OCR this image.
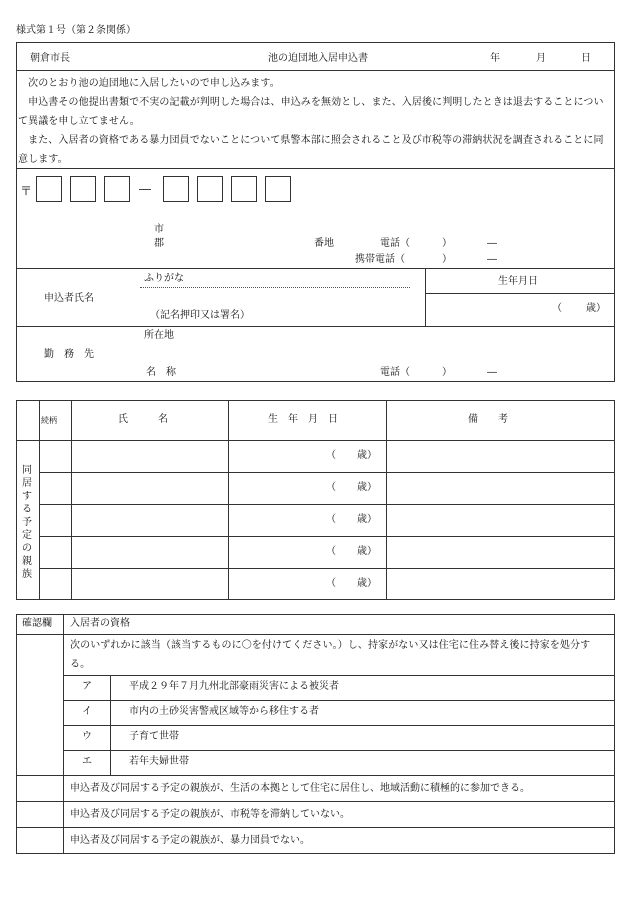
様式第１号（第２条関係）
朝倉市長	池の迫団地入居申込書	年	月	日
　次のとおり池の迫団地に入居したいので申し込みます。
　申込書その他提出書類で不実の記載が判明した場合は、申込みを無効とし、また、入居後に判明したときは退去することについて異議を申し立てません。
　また、入居者の資格である暴力団員でないことについて県警本部に照会されること及び市税等の滞納状況を調査されることに同意します。
〒	―
市
郡	番地	電話（	）	―
携帯電話（	）	―
ふりがな
申込者氏名
（記名押印又は署名）
生年月日
（ 歳）
所在地
勤　務　先
名　称	電話（	）	―
続柄	氏　　　名	生　年　月　日	備　　考
同居する予定の親族
（ 歳）
（ 歳）
（ 歳）
（ 歳）
（ 歳）
確認欄 入居者の資格
次のいずれかに該当（該当するものに〇を付けてください。）し、持家がない又は住宅に住み替え後に持家を処分する。
ア	平成２９年７月九州北部豪雨災害による被災者
イ	市内の土砂災害警戒区域等から移住する者
ウ	子育て世帯
エ	若年夫婦世帯
申込者及び同居する予定の親族が、生活の本拠として住宅に居住し、地域活動に積極的に参加できる。
申込者及び同居する予定の親族が、市税等を滞納していない。
申込者及び同居する予定の親族が、暴力団員でない。
